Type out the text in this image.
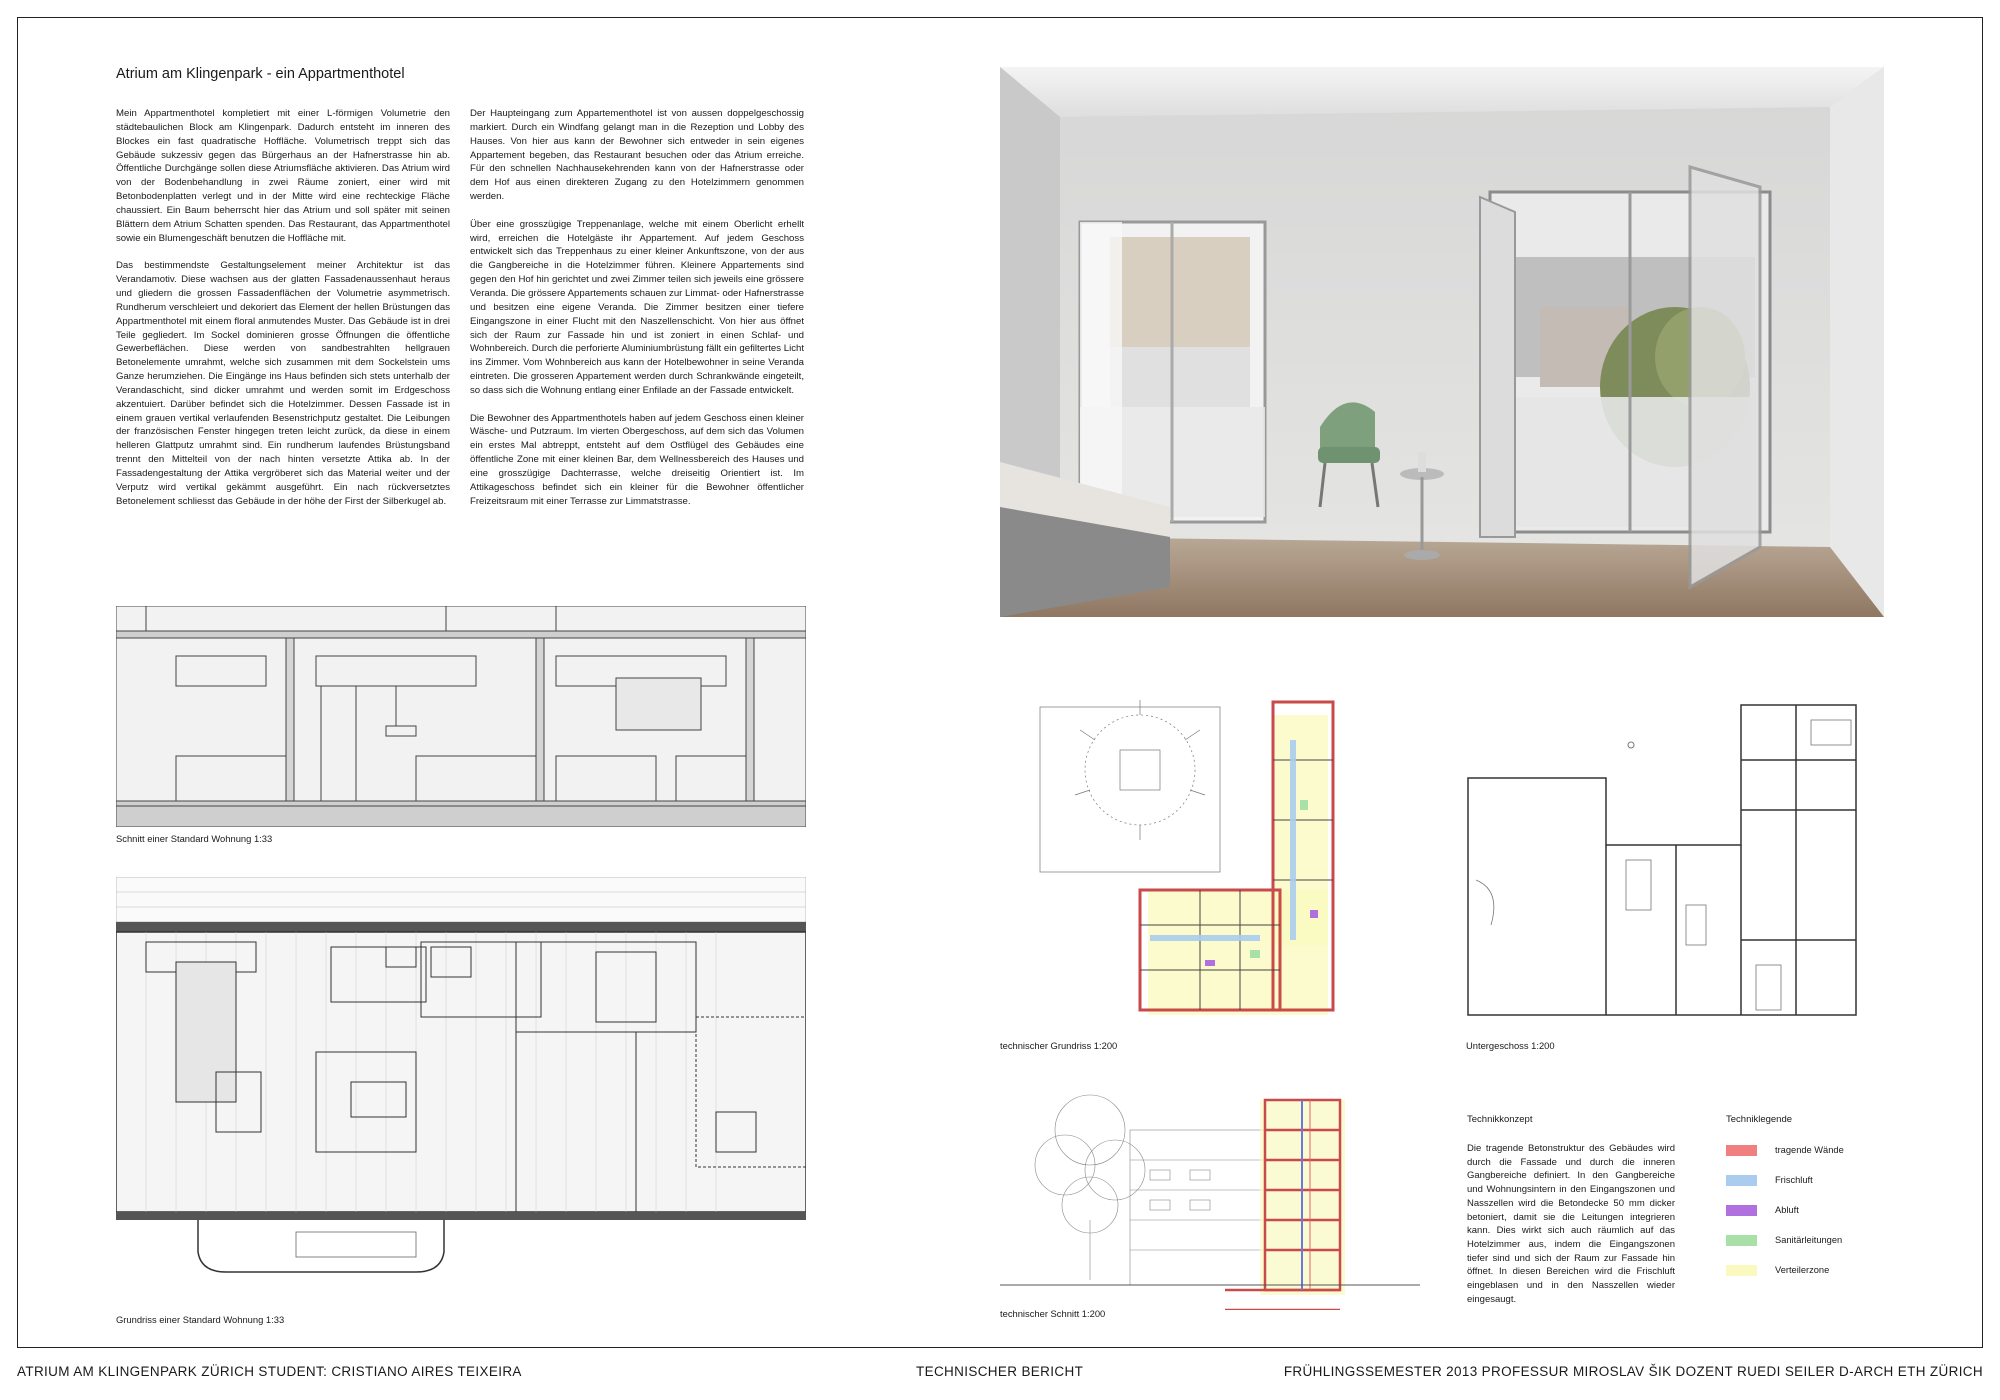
Atrium am Klingenpark - ein Appartmenthotel

Mein Appartmenthotel kompletiert mit einer L-förmigen Volumetrie den städtebaulichen Block am Klingenpark. Dadurch entsteht im inneren des Blockes ein fast quadratische Hoffläche. Volumetrisch treppt sich das Gebäude sukzessiv gegen das Bürgerhaus an der Hafnerstrasse hin ab. Öffentliche Durchgänge sollen diese Atriumsfläche aktivieren. Das Atrium wird von der Bodenbehandlung in zwei Räume zoniert, einer wird mit Betonbodenplatten verlegt und in der Mitte wird eine rechteckige Fläche chaussiert. Ein Baum beherrscht hier das Atrium und soll später mit seinen Blättern dem Atrium Schatten spenden. Das Restaurant, das Appartmenthotel sowie ein Blumengeschäft benutzen die Hoffläche mit.

Das bestimmendste Gestaltungselement meiner Architektur ist das Verandamotiv. Diese wachsen aus der glatten Fassadenaussenhaut heraus und gliedern die grossen Fassadenflächen der Volumetrie asymmetrisch. Rundherum verschleiert und dekoriert das Element der hellen Brüstungen das Appartmenthotel mit einem floral anmutendes Muster. Das Gebäude ist in drei Teile gegliedert. Im Sockel dominieren grosse Öffnungen die öffentliche Gewerbeflächen. Diese werden von sandbestrahlten hellgrauen Betonelemente umrahmt, welche sich zusammen mit dem Sockelstein ums Ganze herumziehen. Die Eingänge ins Haus befinden sich stets unterhalb der Verandaschicht, sind dicker umrahmt und werden somit im Erdgeschoss akzentuiert. Darüber befindet sich die Hotelzimmer. Dessen Fassade ist in einem grauen vertikal verlaufenden Besenstrichputz gestaltet. Die Leibungen der französischen Fenster hingegen treten leicht zurück, da diese in einem helleren Glattputz umrahmt sind. Ein rundherum laufendes Brüstungsband trennt den Mittelteil von der nach hinten versetzte Attika ab. In der Fassadengestaltung der Attika vergröberet sich das Material weiter und der Verputz wird vertikal gekämmt ausgeführt. Ein nach rückversetztes Betonelement schliesst das Gebäude in der höhe der First der Silberkugel ab.

Der Haupteingang zum Appartementhotel ist von aussen doppelgeschossig markiert. Durch ein Windfang gelangt man in die Rezeption und Lobby des Hauses. Von hier aus kann der Bewohner sich entweder in sein eigenes Appartement begeben, das Restaurant besuchen oder das Atrium erreiche. Für den schnellen Nachhausekehrenden kann von der Hafnerstrasse oder dem Hof aus einen direkteren Zugang zu den Hotelzimmern genommen werden.

Über eine grosszügige Treppenanlage, welche mit einem Oberlicht erhellt wird, erreichen die Hotelgäste ihr Appartement. Auf jedem Geschoss entwickelt sich das Treppenhaus zu einer kleiner Ankunftszone, von der aus die Gangbereiche in die Hotelzimmer führen. Kleinere Appartements sind gegen den Hof hin gerichtet und zwei Zimmer teilen sich jeweils eine grössere Veranda. Die grössere Appartements schauen zur Limmat- oder Hafnerstrasse und besitzen eine eigene Veranda. Die Zimmer besitzen einer tiefere Eingangszone in einer Flucht mit den Naszellenschicht. Von hier aus öffnet sich der Raum zur Fassade hin und ist zoniert in einen Schlaf- und Wohnbereich. Durch die perforierte Aluminiumbrüstung fällt ein gefiltertes Licht ins Zimmer. Vom Wohnbereich aus kann der Hotelbewohner in seine Veranda eintreten. Die grosseren Appartement werden durch Schrankwände eingeteilt, so dass sich die Wohnung entlang einer Enfilade an der Fassade entwickelt.

Die Bewohner des Appartmenthotels haben auf jedem Geschoss einen kleiner Wäsche- und Putzraum. Im vierten Obergeschoss, auf dem sich das Volumen ein erstes Mal abtreppt, entsteht auf dem Ostflügel des Gebäudes eine öffentliche Zone mit einer kleinen Bar, dem Wellnessbereich des Hauses und eine grosszügige Dachterrasse, welche dreiseitig Orientiert ist. Im Attikageschoss befindet sich ein kleiner für die Bewohner öffentlicher Freizeitsraum mit einer Terrasse zur Limmatstrasse.

Schnitt einer Standard Wohnung 1:33
Grundriss einer Standard Wohnung 1:33
technischer Grundriss 1:200	Untergeschoss 1:200
technischer Schnitt 1:200
Technikkonzept
Die tragende Betonstruktur des Gebäudes wird durch die Fassade und durch die inneren Gangbereiche definiert. In den Gangbereiche und Wohnungsintern in den Eingangszonen und Nasszellen wird die Betondecke 50 mm dicker betoniert, damit sie die Leitungen integrieren kann. Dies wirkt sich auch räumlich auf das Hotelzimmer aus, indem die Eingangszonen tiefer sind und sich der Raum zur Fassade hin öffnet. In diesen Bereichen wird die Frischluft eingeblasen und in den Nasszellen wieder eingesaugt.
Techniklegende
tragende Wände
Frischluft
Abluft
Sanitärleitungen
Verteilerzone
ATRIUM AM KLINGENPARK ZÜRICH STUDENT: CRISTIANO AIRES TEIXEIRA	TECHNISCHER BERICHT	FRÜHLINGSSEMESTER 2013 PROFESSUR MIROSLAV ŠIK DOZENT RUEDI SEILER D-ARCH ETH ZÜRICH
